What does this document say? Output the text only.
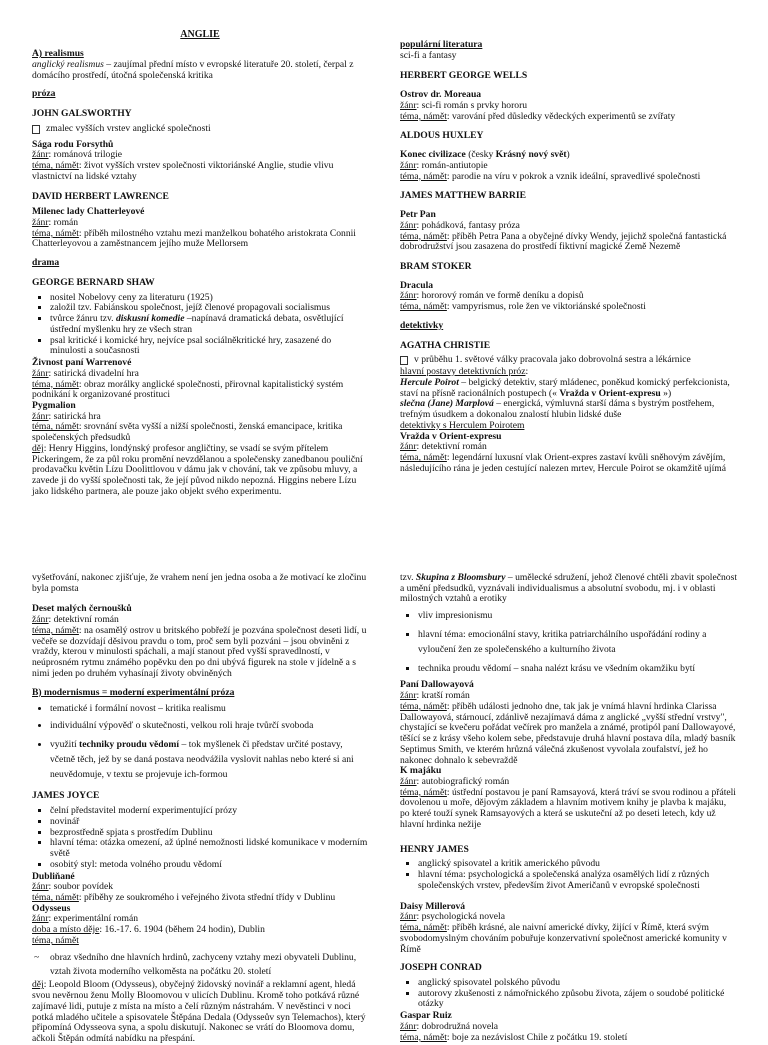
ANGLIE

A) realismus

anglický realismus – zaujímal přední místo v evropské literatuře 20. století, čerpal z domácího prostředí, útočná společenská kritika

próza

JOHN GALSWORTHY

zmalec vyšších vrstev anglické společnosti

Sága rodu Forsythů

žánr: románová trilogie

téma, námět: život vyšších vrstev společnosti viktoriánské Anglie, studie vlivu vlastnictví na lidské vztahy

DAVID HERBERT LAWRENCE

Milenec lady Chatterleyové

žánr: román

téma, námět: příběh milostného vztahu mezi manželkou bohatého aristokrata Connii Chatterleyovou a zaměstnancem jejího muže Mellorsem

drama

GEORGE BERNARD SHAW

▪ nositel Nobelovy ceny za literaturu (1925)
▪ založil tzv. Fabiánskou společnost, jejíž členové propagovali socialismus
▪ tvůrce žánru tzv. diskusní komedie –napínavá dramatická debata, osvětlující ústřední myšlenku hry ze všech stran
▪ psal kritické i komické hry, nejvíce psal sociálněkritické hry, zasazené do minulosti a současnosti

Živnost paní Warrenové

žánr: satirická divadelní hra

téma, námět: obraz morálky anglické společnosti, přirovnal kapitalistický systém podnikání k organizované prostituci

Pygmalion

žánr: satirická hra

téma, námět: srovnání světa vyšší a nižší společnosti, ženská emancipace, kritika společenských předsudků

děj: Henry Higgins, londýnský profesor angličtiny, se vsadí se svým přítelem Pickeringem, že za půl roku promění nevzdělanou a společensky zanedbanou pouliční prodavačku květin Lízu Doolittlovou v dámu jak v chování, tak ve způsobu mluvy, a zavede ji do vyšší společnosti tak, že její původ nikdo nepozná. Higgins nebere Lízu jako lidského partnera, ale pouze jako objekt svého experimentu.

populární literatura

sci-fi a fantasy

HERBERT GEORGE WELLS

Ostrov dr. Moreaua

žánr: sci-fi román s prvky hororu

téma, námět: varování před důsledky vědeckých experimentů se zvířaty

ALDOUS HUXLEY

Konec civilizace (česky Krásný nový svět)

žánr: román-antiutopie

téma, námět: parodie na víru v pokrok a vznik ideální, spravedlivé společnosti

JAMES MATTHEW BARRIE

Petr Pan

žánr: pohádková, fantasy próza

téma, námět: příběh Petra Pana a obyčejné dívky Wendy, jejichž společná fantastická dobrodružství jsou zasazena do prostředí fiktivní magické Země Nezemě

BRAM STOKER

Dracula

žánr: hororový román ve formě deníku a dopisů

téma, námět: vampyrismus, role žen ve viktoriánské společnosti

detektivky

AGATHA CHRISTIE

v průběhu 1. světové války pracovala jako dobrovolná sestra a lékárnice

hlavní postavy detektivních próz:

Hercule Poirot – belgický detektiv, starý mládenec, poněkud komický perfekcionista, staví na přísně racionálních postupech (« Vražda v Orient-expresu »)

slečna (Jane) Marplová – energická, výmluvná starší dáma s bystrým postřehem, trefným úsudkem a dokonalou znalostí hlubin lidské duše

detektivky s Herculem Poirotem

Vražda v Orient-expresu

žánr: detektivní román

téma, námět: legendární luxusní vlak Orient-expres zastaví kvůli sněhovým závějím, následujícího rána je jeden cestující nalezen mrtev, Hercule Poirot se okamžitě ujímá

vyšetřování, nakonec zjišťuje, že vrahem není jen jedna osoba a že motivací ke zločinu byla pomsta

Deset malých černoušků

žánr: detektivní román

téma, námět: na osamělý ostrov u britského pobřeží je pozvána společnost deseti lidí, u večeře se dozvídají děsivou pravdu o tom, proč sem byli pozváni – jsou obviněni z vraždy, kterou v minulosti spáchali, a mají stanout před vyšší spravedlností, v neúprosném rytmu známého popěvku den po dni ubývá figurek na stole v jídelně a s nimi jeden po druhém vyhasínají životy obviněných

B) modernismus = moderní experimentální próza

• tematické i formální novost – kritika realismu
• individuální výpověď o skutečnosti, velkou roli hraje tvůrčí svoboda
• využití techniky proudu vědomí – tok myšlenek či představ určité postavy, včetně těch, jež by se daná postava neodvážila vyslovit nahlas nebo které si ani neuvědomuje, v textu se projevuje ich-formou

JAMES JOYCE

▪ čelní představitel moderní experimentující prózy
▪ novinář
▪ bezprostředně spjata s prostředím Dublinu
▪ hlavní téma: otázka omezení, až úplné nemožnosti lidské komunikace v moderním světě
▪ osobitý styl: metoda volného proudu vědomí

Dubliňané

žánr: soubor povídek

téma, námět: příběhy ze soukromého i veřejného života střední třídy v Dublinu

Odysseus

žánr: experimentální román

doba a místo děje: 16.-17. 6. 1904 (během 24 hodin), Dublin

téma, námět

~ obraz všedního dne hlavních hrdinů, zachyceny vztahy mezi obyvateli Dublinu, vztah života moderního velkoměsta na počátku 20. století

děj: Leopold Bloom (Odysseus), obyčejný židovský novinář a reklamní agent, hledá svou nevěrnou ženu Molly Bloomovou v ulicích Dublinu. Kromě toho potkává různé zajímavé lidi, putuje z místa na místo a čelí různým nástrahám. V nevěstinci v noci potká mladého učitele a spisovatele Štěpána Dedala (Odysseův syn Telemachos), který připomíná Odysseova syna, a spolu diskutují. Nakonec se vrátí do Bloomova domu, ačkoli Štěpán odmítá nabídku na přespání.

tzv. Skupina z Bloomsbury – umělecké sdružení, jehož členové chtěli zbavit společnost a umění předsudků, vyznávali individualismus a absolutní svobodu, mj. i v oblasti milostných vztahů a erotiky

▪ vliv impresionismu
▪ hlavní téma: emocionální stavy, kritika patriarchálního uspořádání rodiny a vyloučení žen ze společenského a kulturního života
▪ technika proudu vědomí – snaha nalézt krásu ve všedním okamžiku bytí

Paní Dallowayová

žánr: kratší román

téma, námět: příběh události jednoho dne, tak jak je vnímá hlavní hrdinka Clarissa Dallowayová, stárnoucí, zdánlivě nezajímavá dáma z anglické „vyšší střední vrstvy", chystající se kvečeru pořádat večírek pro manžela a známé, protipól paní Dallowayové, těšící se z krásy všeho kolem sebe, představuje druhá hlavní postava díla, mladý basník Septimus Smith, ve kterém hrůzná válečná zkušenost vyvolala zoufalství, jež ho nakonec dohnalo k sebevraždě

K majáku

žánr: autobiografický román

téma, námět: ústřední postavou je paní Ramsayová, která tráví se svou rodinou a přáteli dovolenou u moře, dějovým základem a hlavním motivem knihy je plavba k majáku, po které touží synek Ramsayových a která se uskuteční až po deseti letech, kdy už hlavní hrdinka nežije

HENRY JAMES

▪ anglický spisovatel a kritik amerického původu
▪ hlavní téma: psychologická a společenská analýza osamělých lidí z různých společenských vrstev, především život Američanů v evropské společnosti

Daisy Millerová

žánr: psychologická novela

téma, námět: příběh krásné, ale naivní americké dívky, žijící v Římě, která svým svobodomyslným chováním pobuřuje konzervativní společnost americké komunity v Římě

JOSEPH CONRAD

▪ anglický spisovatel polského původu
▪ autorovy zkušenosti z námořnického způsobu života, zájem o soudobé politické otázky

Gaspar Ruiz

žánr: dobrodružná novela

téma, námět: boje za nezávislost Chile z počátku 19. století
